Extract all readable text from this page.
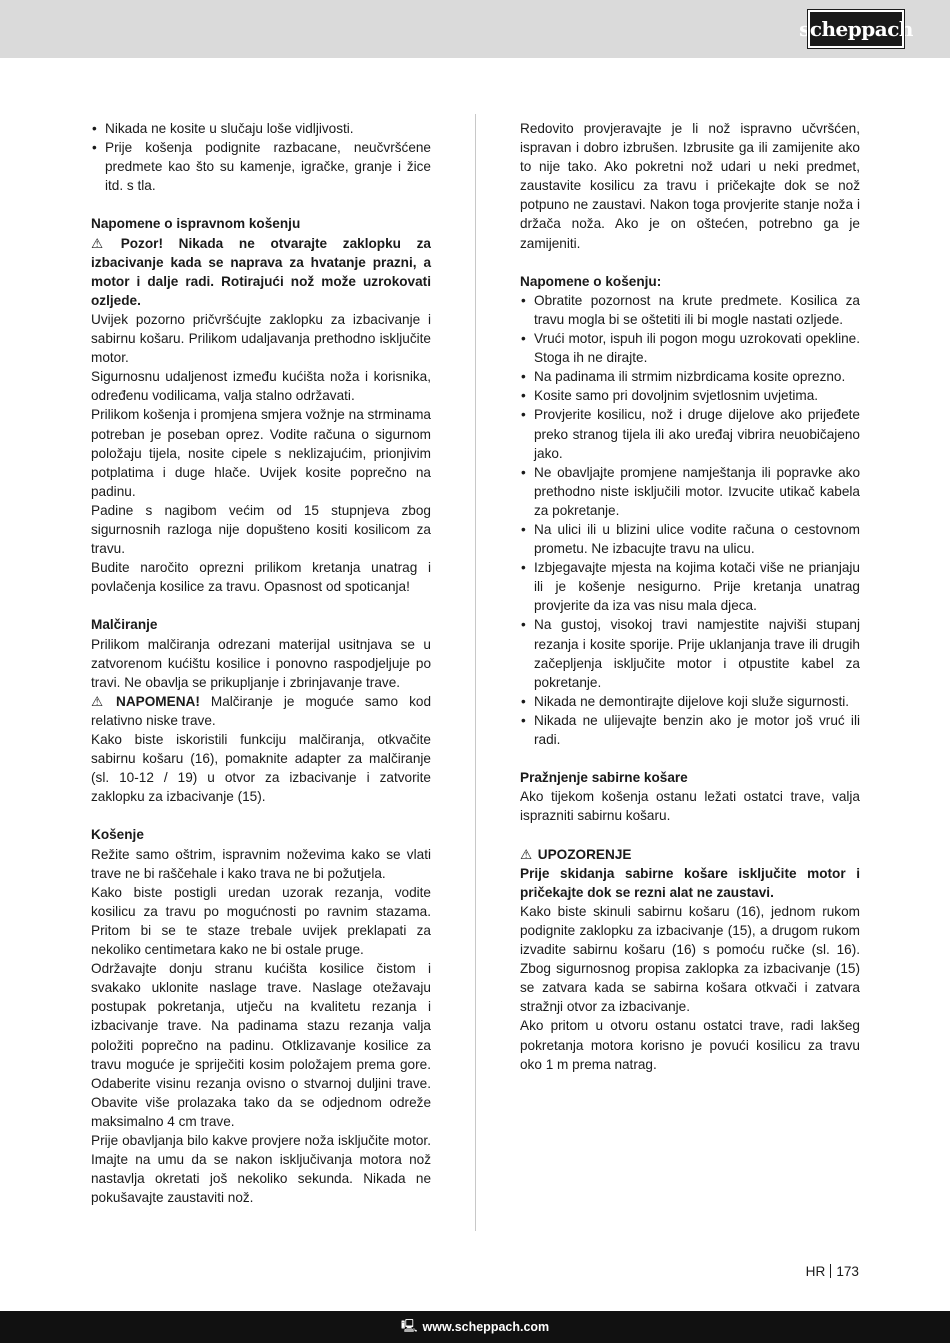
scheppach
• Nikada ne kosite u slučaju loše vidljivosti.
• Prije košenja podignite razbacane, neučvršćene predmete kao što su kamenje, igračke, granje i žice itd. s tla.

Napomene o ispravnom košenju

⚠ Pozor! Nikada ne otvarajte zaklopku za izbacivanje kada se naprava za hvatanje prazni, a motor i dalje radi. Rotirajući nož može uzrokovati ozljede.

Uvijek pozorno pričvršćujte zaklopku za izbacivanje i sabirnu košaru. Prilikom udaljavanja prethodno isključite motor.

Sigurnosnu udaljenost između kućišta noža i korisnika, određenu vodilicama, valja stalno održavati.

Prilikom košenja i promjena smjera vožnje na strminama potreban je poseban oprez. Vodite računa o sigurnom položaju tijela, nosite cipele s neklizajućim, prionjivim potplatima i duge hlače. Uvijek kosite poprečno na padinu.

Padine s nagibom većim od 15 stupnjeva zbog sigurnosnih razloga nije dopušteno kositi kosilicom za travu.

Budite naročito oprezni prilikom kretanja unatrag i povlačenja kosilice za travu. Opasnost od spoticanja!

Malčiranje

Prilikom malčiranja odrezani materijal usitnjava se u zatvorenom kućištu kosilice i ponovno raspodjeljuje po travi. Ne obavlja se prikupljanje i zbrinjavanje trave.

⚠ NAPOMENA! Malčiranje je moguće samo kod relativno niske trave.

Kako biste iskoristili funkciju malčiranja, otkvačite sabirnu košaru (16), pomaknite adapter za malčiranje (sl. 10-12 / 19) u otvor za izbacivanje i zatvorite zaklopku za izbacivanje (15).

Košenje

Režite samo oštrim, ispravnim noževima kako se vlati trave ne bi raščehale i kako trava ne bi požutjela.

Kako biste postigli uredan uzorak rezanja, vodite kosilicu za travu po mogućnosti po ravnim stazama. Pritom bi se te staze trebale uvijek preklapati za nekoliko centimetara kako ne bi ostale pruge.

Održavajte donju stranu kućišta kosilice čistom i svakako uklonite naslage trave. Naslage otežavaju postupak pokretanja, utječu na kvalitetu rezanja i izbacivanje trave. Na padinama stazu rezanja valja položiti poprečno na padinu. Otklizavanje kosilice za travu moguće je spriječiti kosim položajem prema gore. Odaberite visinu rezanja ovisno o stvarnoj duljini trave. Obavite više prolazaka tako da se odjednom odreže maksimalno 4 cm trave.

Prije obavljanja bilo kakve provjere noža isključite motor. Imajte na umu da se nakon isključivanja motora nož nastavlja okretati još nekoliko sekunda. Nikada ne pokušavajte zaustaviti nož.

Redovito provjeravajte je li nož ispravno učvršćen, ispravan i dobro izbrušen. Izbrusite ga ili zamijenite ako to nije tako. Ako pokretni nož udari u neki predmet, zaustavite kosilicu za travu i pričekajte dok se nož potpuno ne zaustavi. Nakon toga provjerite stanje noža i držača noža. Ako je on oštećen, potrebno ga je zamijeniti.

Napomene o košenju:

• Obratite pozornost na krute predmete. Kosilica za travu mogla bi se oštetiti ili bi mogle nastati ozljede.
• Vrući motor, ispuh ili pogon mogu uzrokovati opekline. Stoga ih ne dirajte.
• Na padinama ili strmim nizbrdicama kosite oprezno.
• Kosite samo pri dovoljnim svjetlosnim uvjetima.
• Provjerite kosilicu, nož i druge dijelove ako prijeđete preko stranog tijela ili ako uređaj vibrira neuobičajeno jako.
• Ne obavljajte promjene namještanja ili popravke ako prethodno niste isključili motor. Izvucite utikač kabela za pokretanje.
• Na ulici ili u blizini ulice vodite računa o cestovnom prometu. Ne izbacujte travu na ulicu.
• Izbjegavajte mjesta na kojima kotači više ne prianjaju ili je košenje nesigurno. Prije kretanja unatrag provjerite da iza vas nisu mala djeca.
• Na gustoj, visokoj travi namjestite najviši stupanj rezanja i kosite sporije. Prije uklanjanja trave ili drugih začepljenja isključite motor i otpustite kabel za pokretanje.
• Nikada ne demontirajte dijelove koji služe sigurnosti.
• Nikada ne ulijevajte benzin ako je motor još vruć ili radi.

Pražnjenje sabirne košare

Ako tijekom košenja ostanu ležati ostatci trave, valja isprazniti sabirnu košaru.

⚠ UPOZORENJE

Prije skidanja sabirne košare isključite motor i pričekajte dok se rezni alat ne zaustavi.

Kako biste skinuli sabirnu košaru (16), jednom rukom podignite zaklopku za izbacivanje (15), a drugom rukom izvadite sabirnu košaru (16) s pomoću ručke (sl. 16). Zbog sigurnosnog propisa zaklopka za izbacivanje (15) se zatvara kada se sabirna košara otkvači i zatvara stražnji otvor za izbacivanje.

Ako pritom u otvoru ostanu ostatci trave, radi lakšeg pokretanja motora korisno je povući kosilicu za travu oko 1 m prema natrag.

HR 173
🖳 www.scheppach.com
